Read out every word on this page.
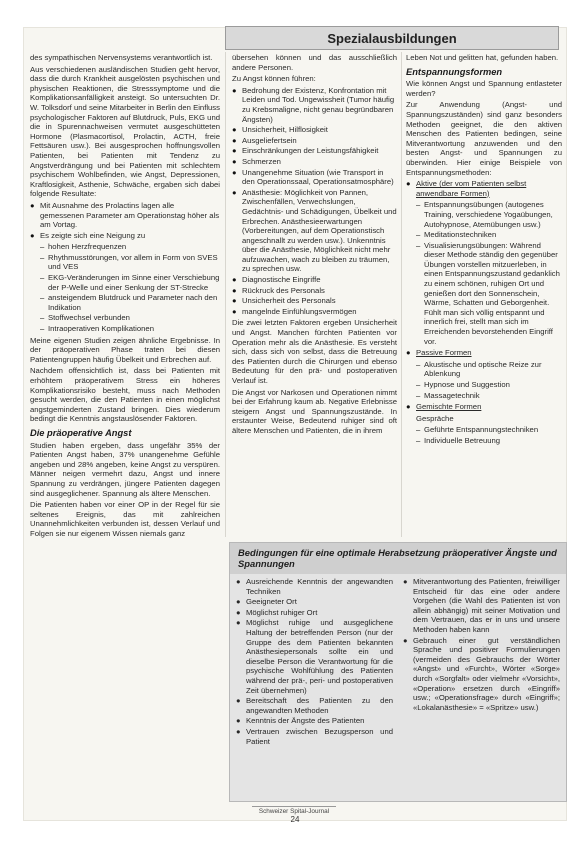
Spezialausbildungen

des sympathischen Nervensystems verantwortlich ist.

Aus verschiedenen ausländischen Studien geht hervor, dass die durch Krankheit ausgelösten psychischen und physischen Reaktionen, die Stresssymptome und die Komplikationsanfälligkeit ansteigt. So untersuchten Dr. W. Tolksdorf und seine Mitarbeiter in Berlin den Einfluss psychologischer Faktoren auf Blutdruck, Puls, EKG und die in Spurennachweisen vermutet ausgeschütteten Hormone (Plasmacortisol, Prolactin, ACTH, freie Fettsäuren usw.). Bei ausgesprochen hoffnungsvollen Patienten, bei Patienten mit Tendenz zu Angstverdrängung und bei Patienten mit schlechtem psychischem Wohlbefinden, wie Angst, Depressionen, Kraftlosigkeit, Asthenie, Schwäche, ergaben sich dabei folgende Resultate:

● Mit Ausnahme des Prolactins lagen alle gemessenen Parameter am Operationstag höher als am Vortag.
● Es zeigte sich eine Neigung zu
– hohen Herzfrequenzen
– Rhythmusstörungen, vor allem in Form von SVES und VES
– EKG-Veränderungen im Sinne einer Verschiebung der P-Welle und einer Senkung der ST-Strecke
– ansteigendem Blutdruck und Parameter nach den Indikation
– Stoffwechsel verbunden
– Intraoperativen Komplikationen

Meine eigenen Studien zeigen ähnliche Ergebnisse. In der präoperativen Phase traten bei diesen Patientengruppen häufig Übelkeit und Erbrechen auf.

Nachdem offensichtlich ist, dass bei Patienten mit erhöhtem präoperativem Stress ein höheres Komplikationsrisiko besteht, muss nach Methoden gesucht werden, die den Patienten in einen möglichst angstgeminderten Zustand bringen. Dies wiederum bedingt die Kenntnis angstauslösender Faktoren.

Die präoperative Angst

Studien haben ergeben, dass ungefähr 35% der Patienten Angst haben, 37% unangenehme Gefühle angeben und 28% angeben, keine Angst zu verspüren. Männer neigen vermehrt dazu, Angst und innere Spannung zu verdrängen, jüngere Patienten dagegen sind ausgeglichener. Spannung als ältere Menschen.

Die Patienten haben vor einer OP in der Regel für sie seltenes Ereignis, das mit zahlreichen Unannehmlichkeiten verbunden ist, dessen Verlauf und Folgen sie nur eigenem Wissen niemals ganz

übersehen können und das ausschließlich andere Personen.

Zu Angst können führen:

● Bedrohung der Existenz, Konfrontation mit Leiden und Tod. Ungewissheit (Tumor häufig zu Krebsmaligne, nicht genau begründbaren Ängsten)
● Unsicherheit, Hilflosigkeit
● Ausgeliefertsein
● Einschränkungen der Leistungsfähigkeit
● Schmerzen
● Unangenehme Situation (wie Transport in den Operationssaal, Operationsatmosphäre)
● Anästhesie: Möglichkeit von Pannen, Zwischenfällen, Verwechslungen, Gedächtnis- und Schädigungen, Übelkeit und Erbrechen. Anästhesieerwartungen (Vorbereitungen, auf dem Operationstisch angeschnallt zu werden usw.). Unkenntnis über die Anästhesie, Möglichkeit nicht mehr aufzuwachen, wach zu bleiben zu träumen, zu sprechen usw.
● Diagnostische Eingriffe
● Rückruck des Personals
● Unsicherheit des Personals
● mangelnde Einfühlungsvermögen

Die zwei letzten Faktoren ergeben Unsicherheit und Angst. Manchen fürchten Patienten vor Operation mehr als die Anästhesie. Es versteht sich, dass sich von selbst, dass die Betreuung des Patienten durch die Chirurgen und ebenso Bedeutung für den prä- und postoperativen Verlauf ist.

Die Angst vor Narkosen und Operationen nimmt bei der Erfahrung kaum ab. Negative Erlebnisse steigern Angst und Spannungszustände. In erstaunter Weise, Bedeutend ruhiger sind oft ältere Menschen und Patienten, die in ihrem

Leben Not und gelitten hat, gefunden haben.

Entspannungsformen

Wie können Angst und Spannung entlasteter werden?

Zur Anwendung (Angst- und Spannungszuständen) sind ganz besonders Methoden geeignet, die den aktiven Menschen des Patienten bedingen, seine Mitverantwortung anzuwenden und den besten Angst- und Spannungen zu überwinden. Hier einige Beispiele von Entspannungsmethoden:

● Aktive (der vom Patienten selbst anwendbare Formen)
– Entspannungsübungen (autogenes Training, verschiedene Yogaübungen, Autohypnose, Atemübungen usw.)
– Meditationstechniken
– Visualisierungsübungen: Während dieser Methode ständig den gegenüber Übungen vorstellen mitzuerleben, in einen Entspannungszustand gedanklich zu einem schönen, ruhigen Ort und genießen dort den Sonnenschein, Wärme, Schatten und Geborgenheit. Fühlt man sich völlig entspannt und innerlich frei, stellt man sich im Erreichenden bevorstehenden Eingriff vor.
● Passive Formen
– Akustische und optische Reize zur Ablenkung
– Hypnose und Suggestion
– Massagetechnik
● Gemischte Formen

Gespräche

– Geführte Entspannungstechniken
– Individuelle Betreuung
Bedingungen für eine optimale Herabsetzung präoperativer Ängste und Spannungen
● Ausreichende Kenntnis der angewandten Techniken
● Geeigneter Ort
● Möglichst ruhiger Ort
● Möglichst ruhige und ausgeglichene Haltung der betreffenden Person (nur der Gruppe des dem Patienten bekannten Anästhesiepersonals sollte ein und dieselbe Person die Verantwortung für die psychische Wohlfühlung des Patienten während der prä-, peri- und postoperativen Zeit übernehmen)
● Bereitschaft des Patienten zu den angewandten Methoden
● Kenntnis der Ängste des Patienten
● Vertrauen zwischen Bezugsperson und Patient
● Mitverantwortung des Patienten, freiwilliger Entscheid für das eine oder andere Vorgehen (die Wahl des Patienten ist von allein abhängig) mit seiner Motivation und dem Vertrauen, das er in uns und unsere Methoden haben kann
● Gebrauch einer gut verständlichen Sprache und positiver Formulierungen (vermeiden des Gebrauchs der Wörter «Angst» und «Furcht», Wörter «Sorge» durch «Sorgfalt» oder vielmehr «Vorsicht», «Operation» ersetzen durch «Eingriff» usw.; «Operationsfrage» durch «Eingriff»; «Lokalanästhesie» = «Spritze» usw.)
Schweizer Spital-Journal
24
